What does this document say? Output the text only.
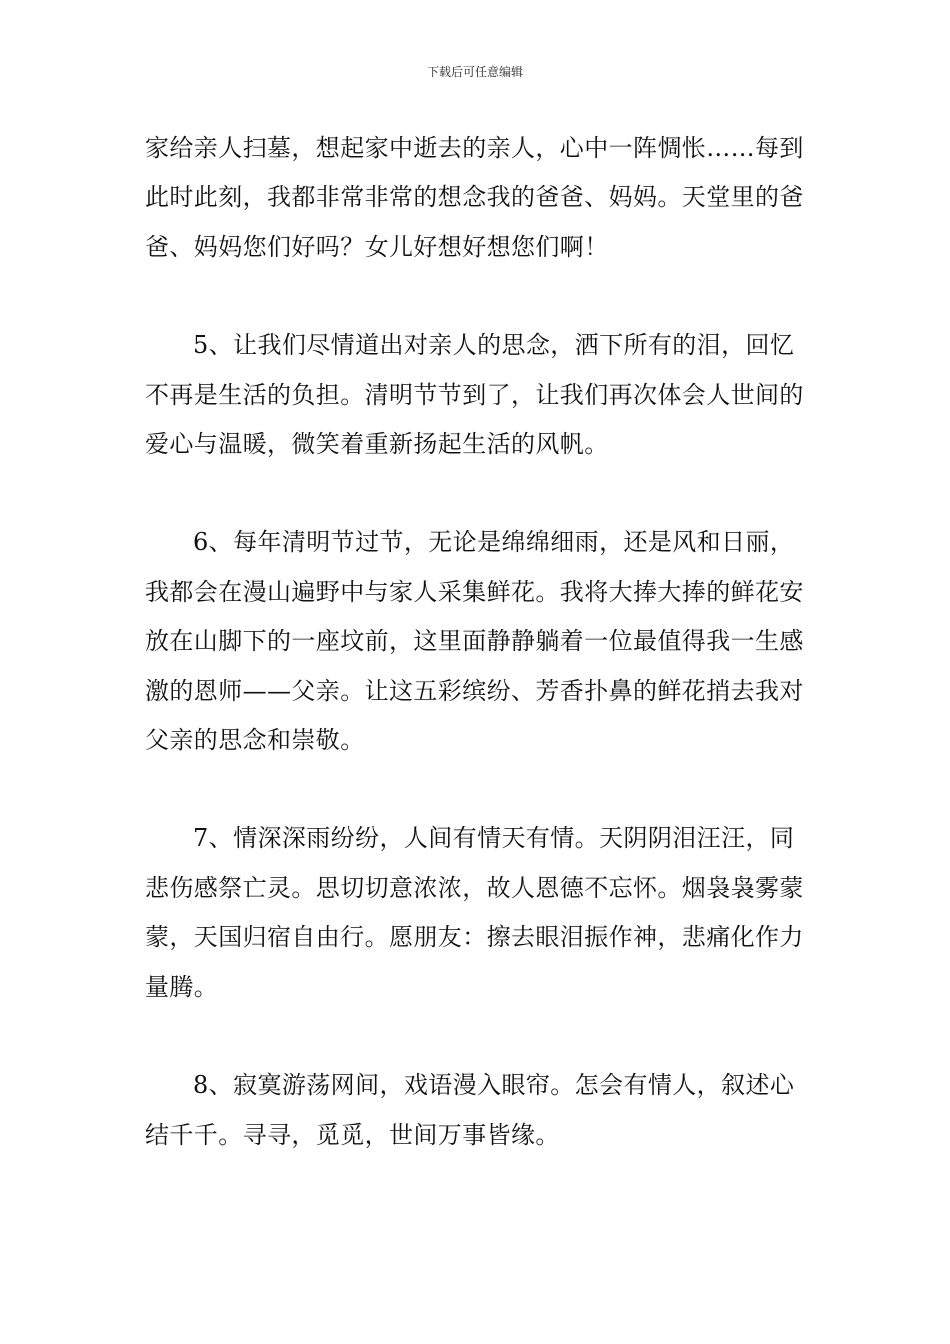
下载后可任意编辑

家给亲人扫墓，想起家中逝去的亲人，心中一阵惆怅……每到此时此刻，我都非常非常的想念我的爸爸、妈妈。天堂里的爸爸、妈妈您们好吗？女儿好想好想您们啊！

5、让我们尽情道出对亲人的思念，洒下所有的泪，回忆不再是生活的负担。清明节节到了，让我们再次体会人世间的爱心与温暖，微笑着重新扬起生活的风帆。

6、每年清明节过节，无论是绵绵细雨，还是风和日丽，我都会在漫山遍野中与家人采集鲜花。我将大捧大捧的鲜花安放在山脚下的一座坟前，这里面静静躺着一位最值得我一生感激的恩师——父亲。让这五彩缤纷、芳香扑鼻的鲜花捎去我对父亲的思念和崇敬。

7、情深深雨纷纷，人间有情天有情。天阴阴泪汪汪，同悲伤感祭亡灵。思切切意浓浓，故人恩德不忘怀。烟袅袅雾蒙蒙，天国归宿自由行。愿朋友：擦去眼泪振作神，悲痛化作力量腾。

8、寂寞游荡网间，戏语漫入眼帘。怎会有情人，叙述心结千千。寻寻，觅觅，世间万事皆缘。
